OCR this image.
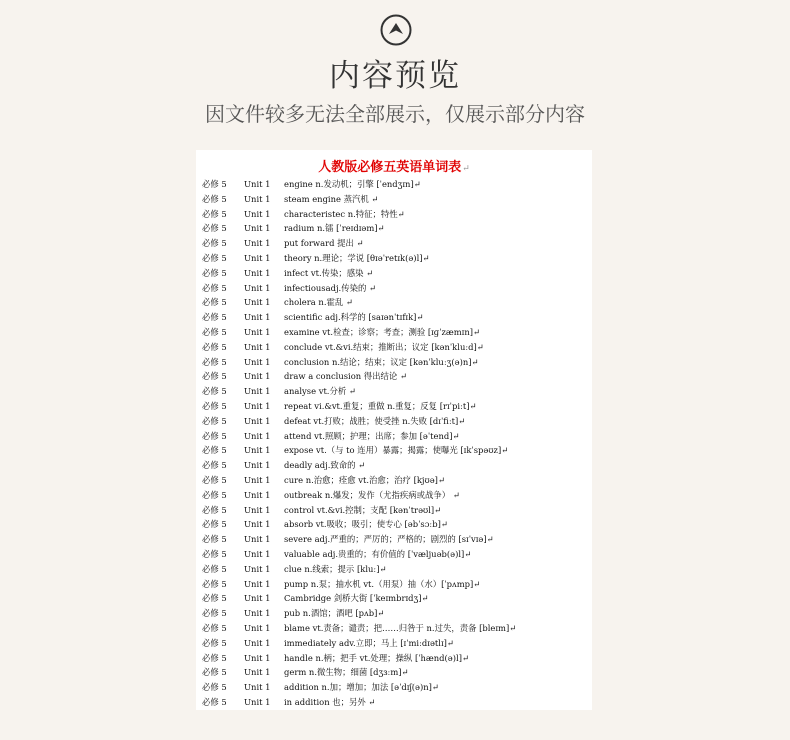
内容预览
因文件较多无法全部展示，仅展示部分内容
人教版必修五英语单词表↵
必修 5 Unit 1 engine n.发动机；引擎 [ˈendʒɪn]↵
必修 5 Unit 1 steam engine 蒸汽机 ↵
必修 5 Unit 1 characteristec n.特征；特性↵
必修 5 Unit 1 radium n.镭 [ˈreɪdɪəm]↵
必修 5 Unit 1 put forward 提出 ↵
必修 5 Unit 1 theory n.理论；学说 [θɪəˈretɪk(ə)l]↵
必修 5 Unit 1 infect vt.传染；感染 ↵
必修 5 Unit 1 infectiousadj.传染的 ↵
必修 5 Unit 1 cholera n.霍乱 ↵
必修 5 Unit 1 scientific adj.科学的 [saɪənˈtɪfɪk]↵
必修 5 Unit 1 examine vt.检查；诊察；考查；测验 [ɪɡˈzæmɪn]↵
必修 5 Unit 1 conclude vt.&vi.结束；推断出；议定 [kənˈkluːd]↵
必修 5 Unit 1 conclusion n.结论；结束；议定 [kənˈkluːʒ(ə)n]↵
必修 5 Unit 1 draw a conclusion 得出结论 ↵
必修 5 Unit 1 analyse vt.分析 ↵
必修 5 Unit 1 repeat vi.&vt.重复；重做 n.重复；反复 [rɪˈpiːt]↵
必修 5 Unit 1 defeat vt.打败；战胜；使受挫 n.失败 [dɪˈfiːt]↵
必修 5 Unit 1 attend vt.照顾；护理；出席；参加 [əˈtend]↵
必修 5 Unit 1 expose vt.（与 to 连用）暴露；揭露；使曝光 [ɪkˈspəʊz]↵
必修 5 Unit 1 deadly adj.致命的 ↵
必修 5 Unit 1 cure n.治愈；痊愈 vt.治愈；治疗 [kjʊə]↵
必修 5 Unit 1 outbreak n.爆发；发作（尤指疾病或战争） ↵
必修 5 Unit 1 control vt.&vi.控制；支配 [kənˈtrəʊl]↵
必修 5 Unit 1 absorb vt.吸收；吸引；使专心 [əbˈsɔːb]↵
必修 5 Unit 1 severe adj.严重的；严厉的；严格的；剧烈的 [sɪˈvɪə]↵
必修 5 Unit 1 valuable adj.贵重的；有价值的 [ˈvæljuəb(ə)l]↵
必修 5 Unit 1 clue n.线索；提示 [kluː]↵
必修 5 Unit 1 pump n.泵；抽水机 vt.（用泵）抽（水）[ˈpʌmp]↵
必修 5 Unit 1 Cambridge 剑桥大街 [ˈkeɪmbrɪdʒ]↵
必修 5 Unit 1 pub n.酒馆；酒吧 [pʌb]↵
必修 5 Unit 1 blame vt.责备；谴责；把……归咎于 n.过失，责备 [bleɪm]↵
必修 5 Unit 1 immediately adv.立即；马上 [ɪˈmiːdɪətlɪ]↵
必修 5 Unit 1 handle n.柄；把手 vt.处理；操纵 [ˈhænd(ə)l]↵
必修 5 Unit 1 germ n.微生物；细菌 [dʒɜːm]↵
必修 5 Unit 1 addition n.加；增加；加法 [əˈdɪʃ(ə)n]↵
必修 5 Unit 1 in addition 也；另外 ↵
